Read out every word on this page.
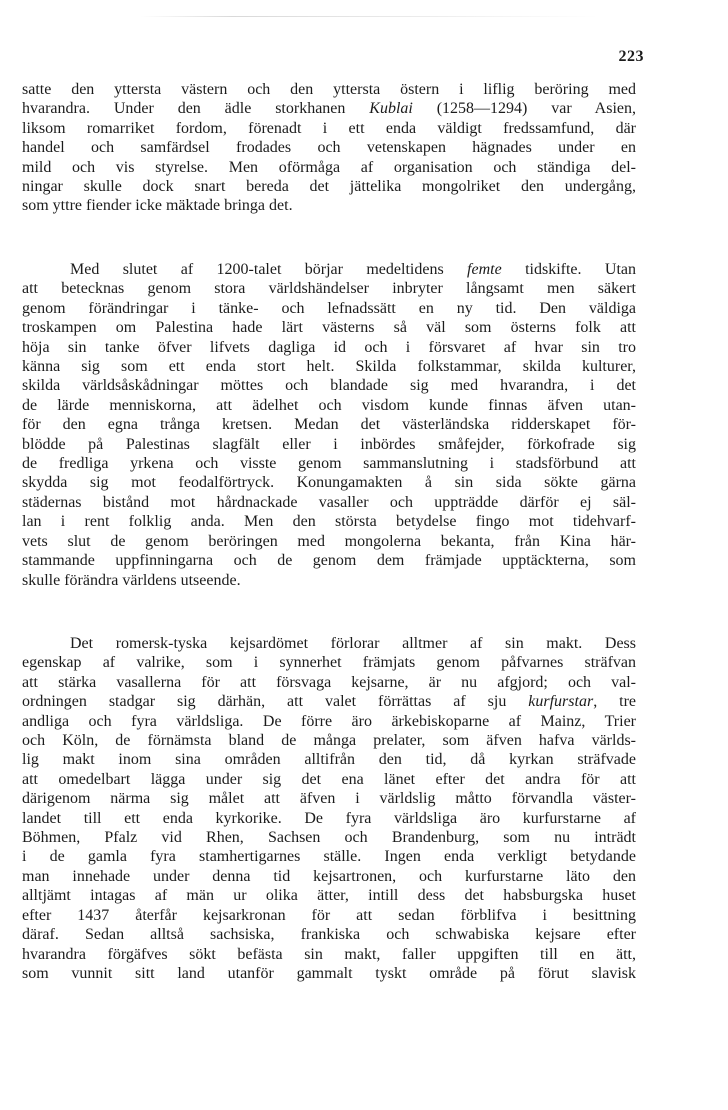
223

satte den yttersta västern och den yttersta östern i liflig beröring med
hvarandra. Under den ädle storkhanen Kublai (1258—1294) var Asien,
liksom romarriket fordom, förenadt i ett enda väldigt fredssamfund, där
handel och samfärdsel frodades och vetenskapen hägnades under en
mild och vis styrelse. Men oförmåga af organisation och ständiga del-
ningar skulle dock snart bereda det jättelika mongolriket den undergång,
som yttre fiender icke mäktade bringa det.

Med slutet af 1200-talet börjar medeltidens femte tidskifte. Utan
att betecknas genom stora världshändelser inbryter långsamt men säkert
genom förändringar i tänke- och lefnadssätt en ny tid. Den väldiga
troskampen om Palestina hade lärt västerns så väl som österns folk att
höja sin tanke öfver lifvets dagliga id och i försvaret af hvar sin tro
känna sig som ett enda stort helt. Skilda folkstammar, skilda kulturer,
skilda världsåskådningar möttes och blandade sig med hvarandra, i det
de lärde menniskorna, att ädelhet och visdom kunde finnas äfven utan-
för den egna trånga kretsen. Medan det västerländska ridderskapet för-
blödde på Palestinas slagfält eller i inbördes småfejder, förkofrade sig
de fredliga yrkena och visste genom sammanslutning i stadsförbund att
skydda sig mot feodalförtryck. Konungamakten å sin sida sökte gärna
städernas bistånd mot hårdnackade vasaller och uppträdde därför ej säl-
lan i rent folklig anda. Men den största betydelse fingo mot tidehvarf-
vets slut de genom beröringen med mongolerna bekanta, från Kina här-
stammande uppfinningarna och de genom dem främjade upptäckterna, som
skulle förändra världens utseende.

Det romersk-tyska kejsardömet förlorar alltmer af sin makt. Dess
egenskap af valrike, som i synnerhet främjats genom påfvarnes sträfvan
att stärka vasallerna för att försvaga kejsarne, är nu afgjord; och val-
ordningen stadgar sig därhän, att valet förrättas af sju kurfurstar, tre
andliga och fyra världsliga. De förre äro ärkebiskoparne af Mainz, Trier
och Köln, de förnämsta bland de många prelater, som äfven hafva världs-
lig makt inom sina områden alltifrån den tid, då kyrkan sträfvade
att omedelbart lägga under sig det ena länet efter det andra för att
därigenom närma sig målet att äfven i världslig måtto förvandla väster-
landet till ett enda kyrkorike. De fyra världsliga äro kurfurstarne af
Böhmen, Pfalz vid Rhen, Sachsen och Brandenburg, som nu inträdt
i de gamla fyra stamhertigarnes ställe. Ingen enda verkligt betydande
man innehade under denna tid kejsartronen, och kurfurstarne läto den
alltjämt intagas af män ur olika ätter, intill dess det habsburgska huset
efter 1437 återfår kejsarkronan för att sedan förblifva i besittning
däraf. Sedan alltså sachsiska, frankiska och schwabiska kejsare efter
hvarandra förgäfves sökt befästa sin makt, faller uppgiften till en ätt,
som vunnit sitt land utanför gammalt tyskt område på förut slavisk
